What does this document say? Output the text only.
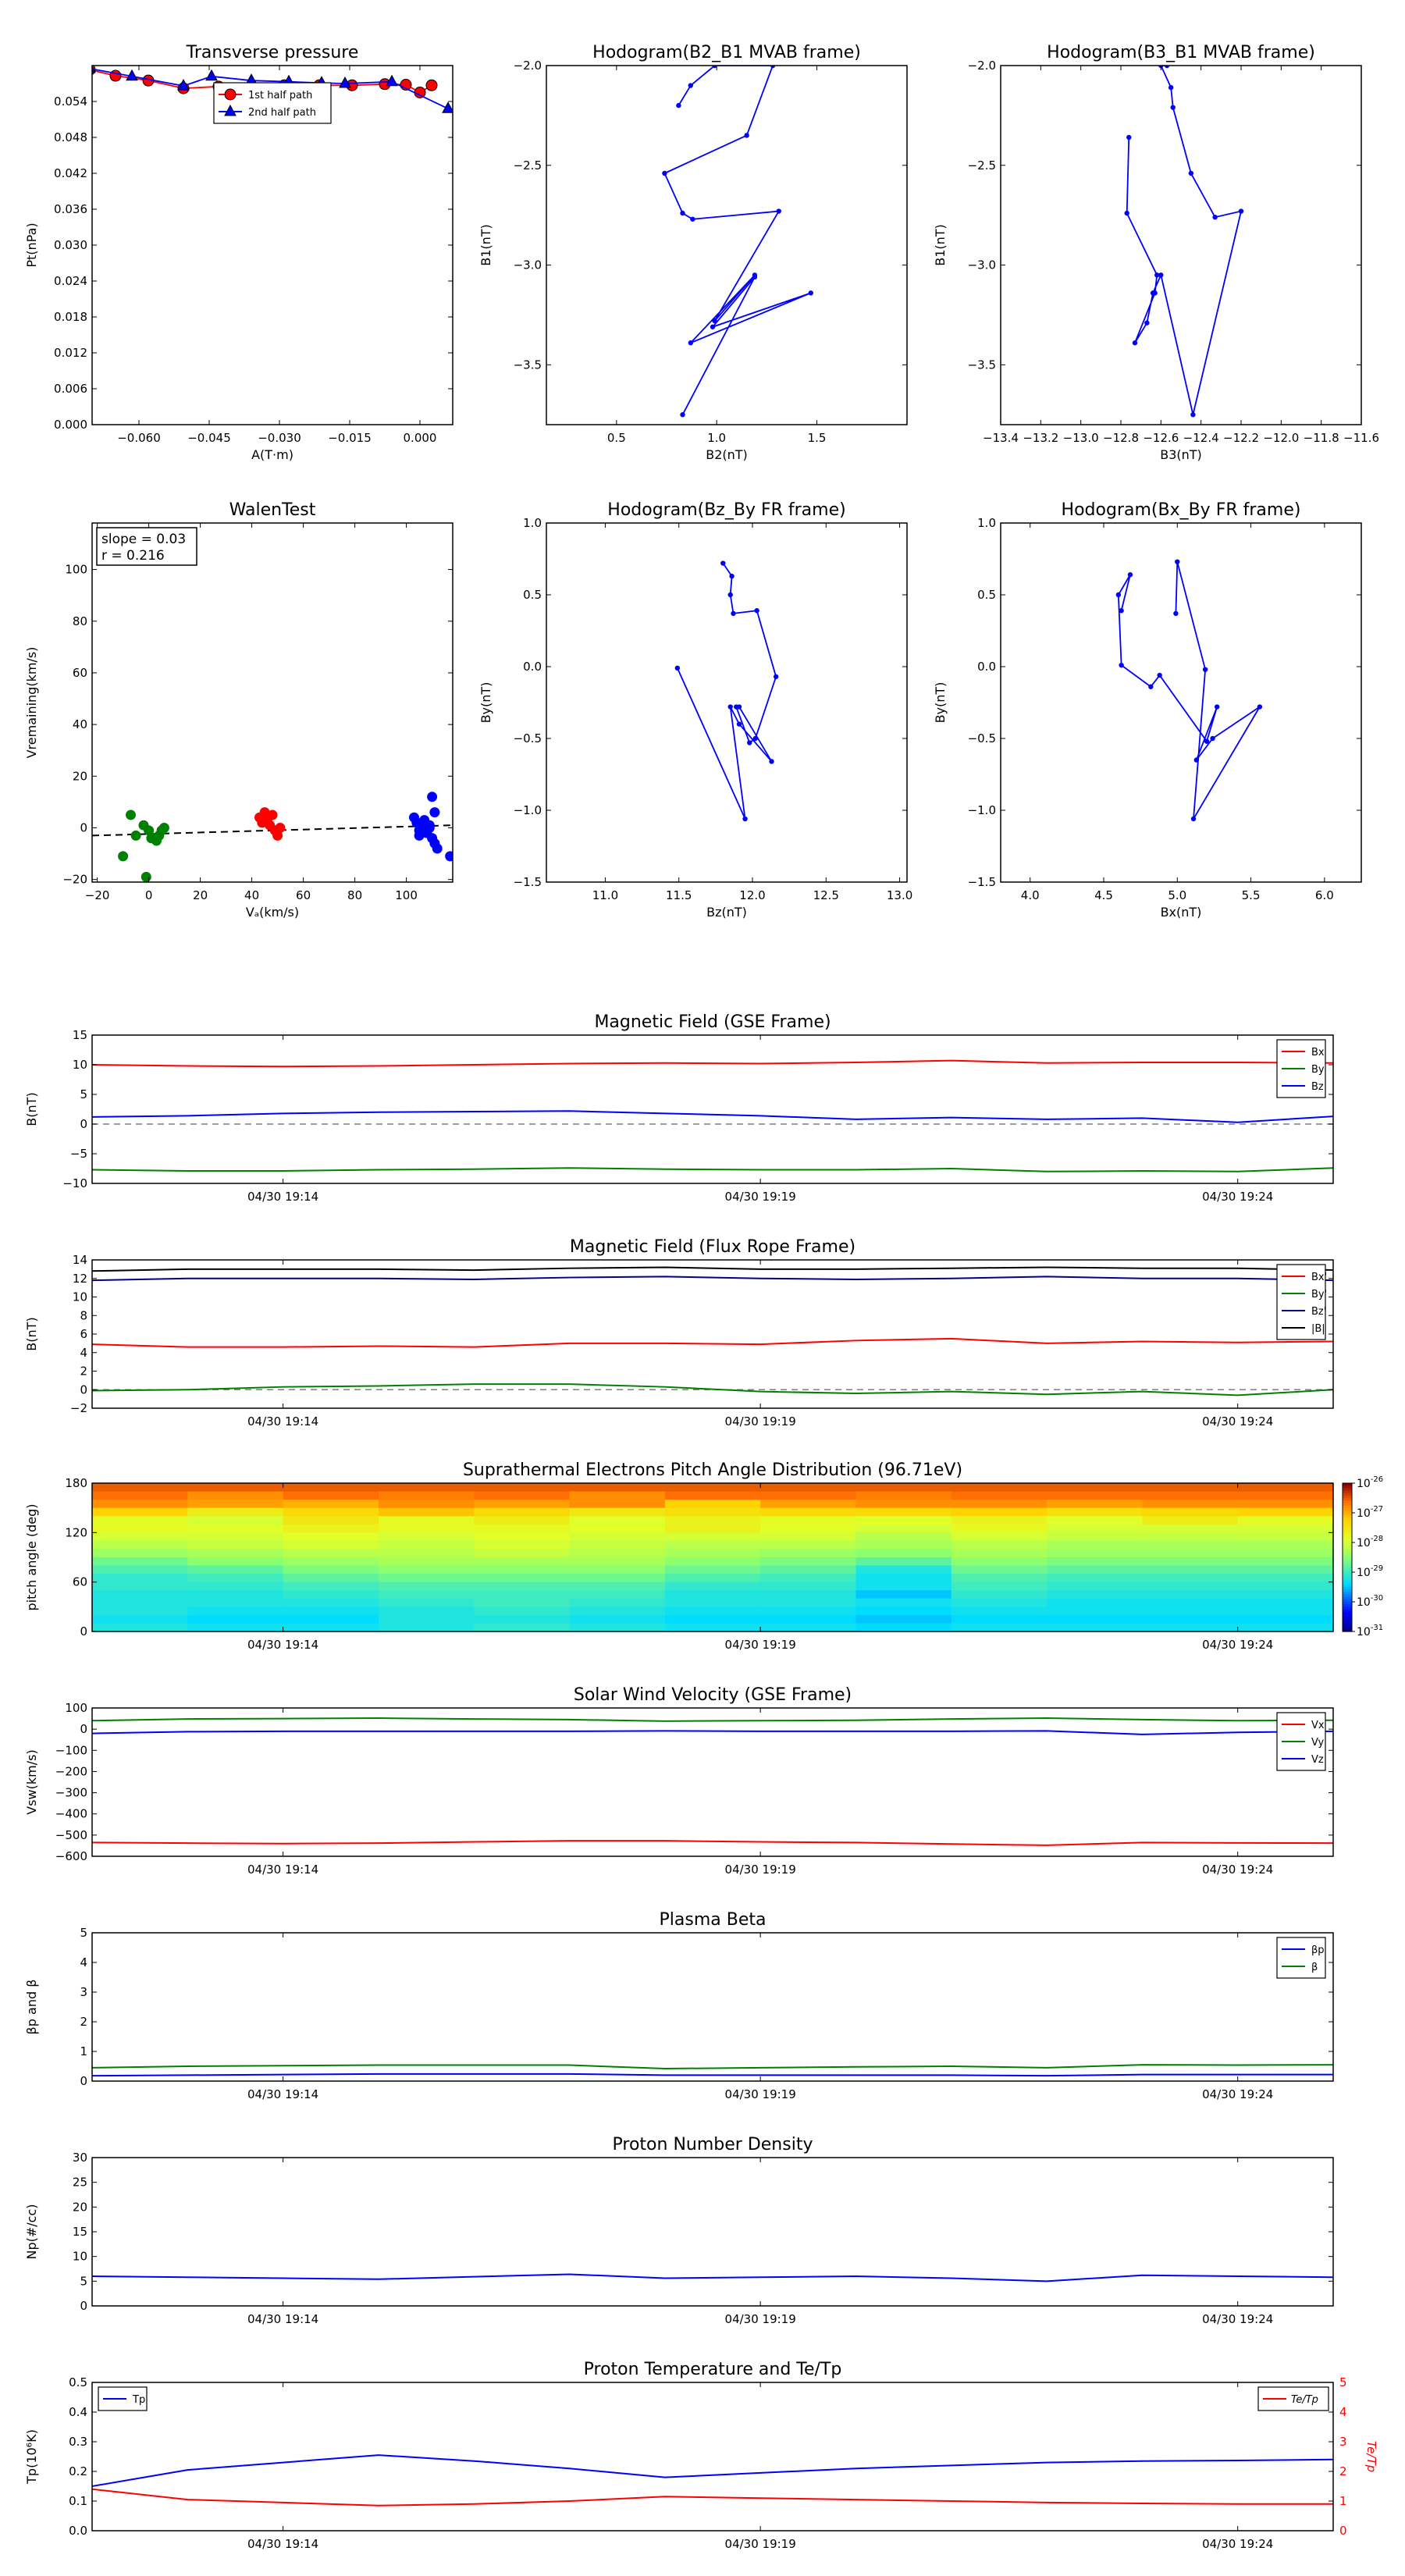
0.000
0.006
0.012
0.018
0.024
0.030
0.036
0.042
0.048
0.054
−0.060 −0.045 −0.030 −0.015	0.000
Transverse pressure
A(T·m)
Pt(nPa)
1st half path
2nd half path
−3.5
−3.0
−2.5
−2.0
0.5	1.0	1.5
Hodogram(B2_B1 MVAB frame)
B2(nT)
B1(nT)
−3.5
−3.0
−2.5
−2.0
−13.4 −13.2 −13.0 −12.8 −12.6 −12.4 −12.2 −12.0 −11.8 −11.6
Hodogram(B3_B1 MVAB frame)
B3(nT)
B1(nT)
−20
0
20
40
60
80
100
−20	0	20	40	60	80	100
WalenTest
Vₐ(km/s)
Vremaining(km/s)
slope = 0.03
r = 0.216
−1.5
−1.0
−0.5
0.0
0.5
1.0
11.0	11.5	12.0	12.5	13.0
Hodogram(Bz_By FR frame)
Bz(nT)
By(nT)
−1.5
−1.0
−0.5
0.0
0.5
1.0
4.0	4.5	5.0	5.5	6.0
Hodogram(Bx_By FR frame)
Bx(nT)
By(nT)
−10
−5
0
5
10
15
04/30 19:14	04/30 19:19	04/30 19:24
Magnetic Field (GSE Frame)
B(nT)
Bx
By
Bz
−2
0
2
4
6
8
10
12
14
04/30 19:14	04/30 19:19	04/30 19:24
Magnetic Field (Flux Rope Frame)
B(nT)
Bx'
By'
Bz'
|B|
$10^{-31}$
$10^{-30}$
$10^{-29}$
$10^{-28}$
$10^{-27}$
$10^{-26}$
0
60
120
180
04/30 19:14	04/30 19:19	04/30 19:24
Suprathermal Electrons Pitch Angle Distribution (96.71eV)
pitch angle (deg)
−600
−500
−400
−300
−200
−100
0
100
04/30 19:14	04/30 19:19	04/30 19:24
Solar Wind Velocity (GSE Frame)
Vsw(km/s)
Vx
Vy
Vz
0
1
2
3
4
5
04/30 19:14	04/30 19:19	04/30 19:24
Plasma Beta
βp and β
βp
β
0
5
10
15
20
25
30
04/30 19:14	04/30 19:19	04/30 19:24
Proton Number Density
Np(#/cc)
0.0
0.1
0.2
0.3
0.4
0.5
0
1
2
3
4
5
Te/Tp
04/30 19:14	04/30 19:19	04/30 19:24
Proton Temperature and Te/Tp
Tp(10⁶K)
Tp	Te/Tp
